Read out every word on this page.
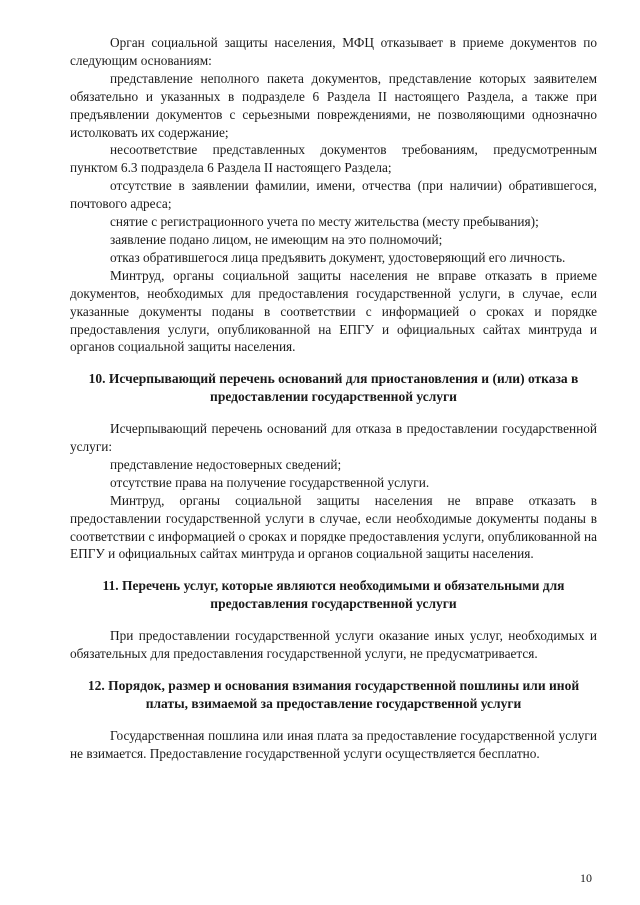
Орган социальной защиты населения, МФЦ отказывает в приеме документов по следующим основаниям:

представление неполного пакета документов, представление которых заявителем обязательно и указанных в подразделе 6 Раздела II настоящего Раздела, а также при предъявлении документов с серьезными повреждениями, не позволяющими однозначно истолковать их содержание;

несоответствие представленных документов требованиям, предусмотренным пунктом 6.3 подраздела 6 Раздела II настоящего Раздела;

отсутствие в заявлении фамилии, имени, отчества (при наличии) обратившегося, почтового адреса;

снятие с регистрационного учета по месту жительства (месту пребывания);

заявление подано лицом, не имеющим на это полномочий;

отказ обратившегося лица предъявить документ, удостоверяющий его личность.

Минтруд, органы социальной защиты населения не вправе отказать в приеме документов, необходимых для предоставления государственной услуги, в случае, если указанные документы поданы в соответствии с информацией о сроках и порядке предоставления услуги, опубликованной на ЕПГУ и официальных сайтах минтруда и органов социальной защиты населения.

10. Исчерпывающий перечень оснований для приостановления и (или) отказа в предоставлении государственной услуги

Исчерпывающий перечень оснований для отказа в предоставлении государственной услуги:

представление недостоверных сведений;

отсутствие права на получение государственной услуги.

Минтруд, органы социальной защиты населения не вправе отказать в предоставлении государственной услуги в случае, если необходимые документы поданы в соответствии с информацией о сроках и порядке предоставления услуги, опубликованной на ЕПГУ и официальных сайтах минтруда и органов социальной защиты населения.

11. Перечень услуг, которые являются необходимыми и обязательными для предоставления государственной услуги

При предоставлении государственной услуги оказание иных услуг, необходимых и обязательных для предоставления государственной услуги, не предусматривается.

12. Порядок, размер и основания взимания государственной пошлины или иной платы, взимаемой за предоставление государственной услуги

Государственная пошлина или иная плата за предоставление государственной услуги не взимается. Предоставление государственной услуги осуществляется бесплатно.

10
